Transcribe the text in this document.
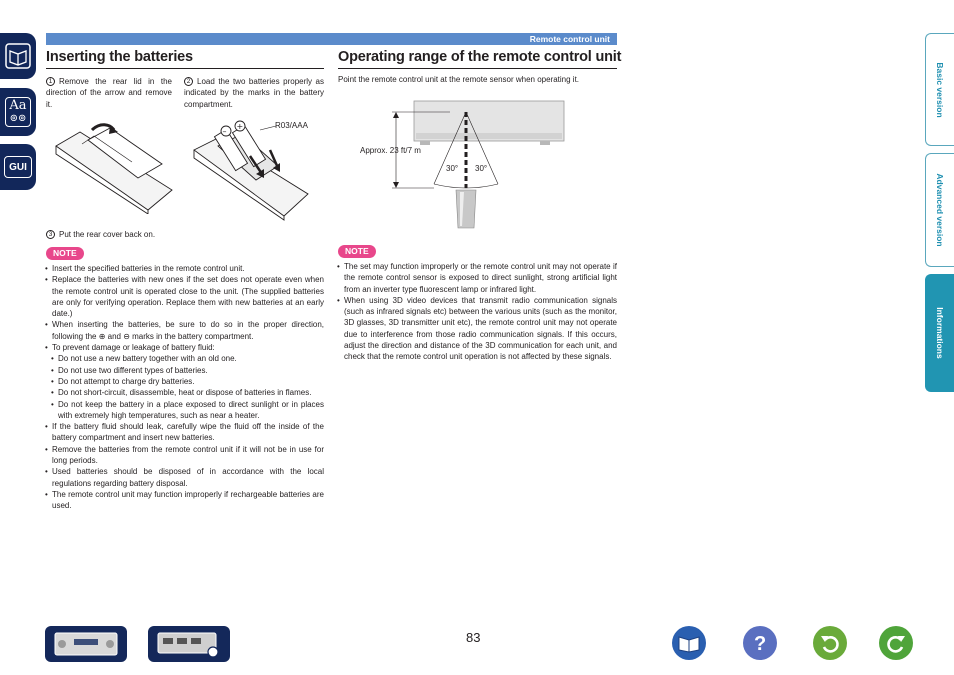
Aa
⊚⊚
GUI
Remote control unit
Inserting the batteries
1 Remove the rear lid in the direction of the arrow and remove it.
2 Load the two batteries properly as indicated by the marks in the battery compartment.
–
+	R03/AAA
3 Put the rear cover back on.
NOTE
• Insert the specified batteries in the remote control unit.
• Replace the batteries with new ones if the set does not operate even when the remote control unit is operated close to the unit. (The supplied batteries are only for verifying operation. Replace them with new batteries at an early date.)
• When inserting the batteries, be sure to do so in the proper direction, following the ⊕ and ⊖ marks in the battery compartment.
• To prevent damage or leakage of battery fluid:
• Do not use a new battery together with an old one.
• Do not use two different types of batteries.
• Do not attempt to charge dry batteries.
• Do not short-circuit, disassemble, heat or dispose of batteries in flames.
• Do not keep the battery in a place exposed to direct sunlight or in places with extremely high temperatures, such as near a heater.
• If the battery fluid should leak, carefully wipe the fluid off the inside of the battery compartment and insert new batteries.
• Remove the batteries from the remote control unit if it will not be in use for long periods.
• Used batteries should be disposed of in accordance with the local regulations regarding battery disposal.
• The remote control unit may function improperly if rechargeable batteries are used.
Operating range of the remote control unit
Point the remote control unit at the remote sensor when operating it.
Approx. 23 ft/7 m
30° 30°
NOTE
• The set may function improperly or the remote control unit may not operate if the remote control sensor is exposed to direct sunlight, strong artificial light from an inverter type fluorescent lamp or infrared light.
• When using 3D video devices that transmit radio communication signals (such as infrared signals etc) between the various units (such as the monitor, 3D glasses, 3D transmitter unit etc), the remote control unit may not operate due to interference from those radio communication signals. If this occurs, adjust the direction and distance of the 3D communication for each unit, and check that the remote control unit operation is not affected by these signals.
Basic version
Advanced version
Informations
83	?
